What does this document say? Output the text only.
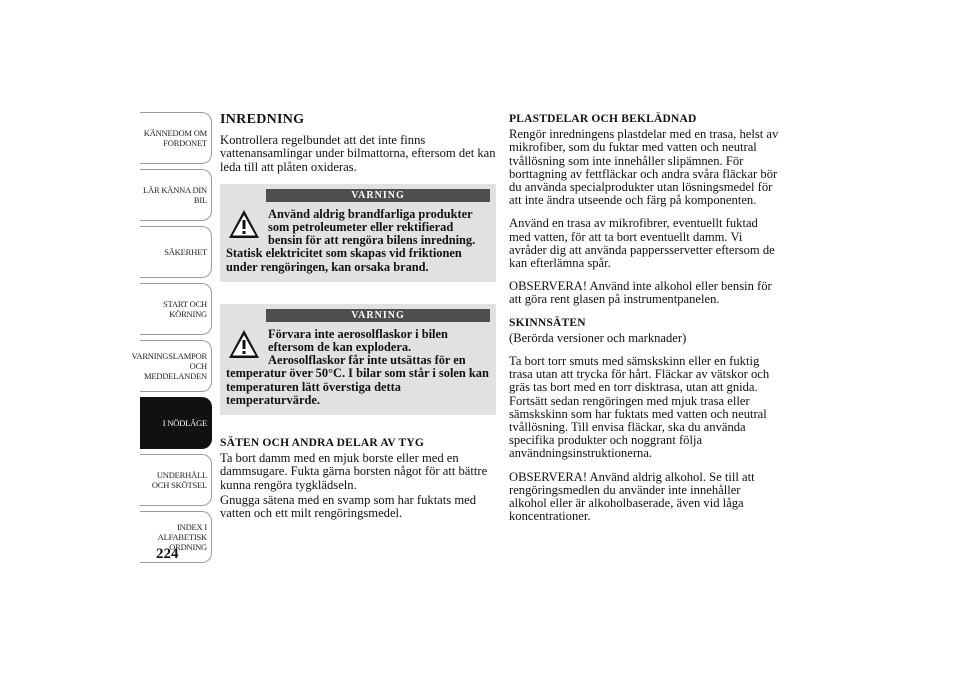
KÄNNEDOM OM FORDONET
LÄR KÄNNA DIN BIL
SÄKERHET
START OCH KÖRNING
VARNINGSLAMPOR OCH MEDDELANDEN
I NÖDLÄGE
UNDERHÅLL OCH SKÖTSEL
INDEX I ALFABETISK ORDNING
224
INREDNING

Kontrollera regelbundet att det inte finns vattenansamlingar under bilmattorna, eftersom det kan leda till att plåten oxideras.

VARNING
Använd aldrig brandfarliga produkter som petroleumeter eller rektifierad bensin för att rengöra bilens inredning. Statisk elektricitet som skapas vid friktionen under rengöringen, kan orsaka brand.
VARNING
Förvara inte aerosolflaskor i bilen eftersom de kan explodera. Aerosolflaskor får inte utsättas för en temperatur över 50°C. I bilar som står i solen kan temperaturen lätt överstiga detta temperaturvärde.
SÄTEN OCH ANDRA DELAR AV TYG

Ta bort damm med en mjuk borste eller med en dammsugare. Fukta gärna borsten något för att bättre kunna rengöra tygklädseln.

Gnugga sätena med en svamp som har fuktats med vatten och ett milt rengöringsmedel.

PLASTDELAR OCH BEKLÄDNAD

Rengör inredningens plastdelar med en trasa, helst av mikrofiber, som du fuktar med vatten och neutral tvållösning som inte innehåller slipämnen. För borttagning av fettfläckar och andra svåra fläckar bör du använda specialprodukter utan lösningsmedel för att inte ändra utseende och färg på komponenten.

Använd en trasa av mikrofibrer, eventuellt fuktad med vatten, för att ta bort eventuellt damm. Vi avråder dig att använda pappersservetter eftersom de kan efterlämna spår.

OBSERVERA! Använd inte alkohol eller bensin för att göra rent glasen på instrumentpanelen.

SKINNSÄTEN

(Berörda versioner och marknader)

Ta bort torr smuts med sämskskinn eller en fuktig trasa utan att trycka för hårt. Fläckar av vätskor och gräs tas bort med en torr disktrasa, utan att gnida. Fortsätt sedan rengöringen med mjuk trasa eller sämskskinn som har fuktats med vatten och neutral tvållösning. Till envisa fläckar, ska du använda specifika produkter och noggrant följa användningsinstruktionerna.

OBSERVERA! Använd aldrig alkohol. Se till att rengöringsmedlen du använder inte innehåller alkohol eller är alkoholbaserade, även vid låga koncentrationer.
